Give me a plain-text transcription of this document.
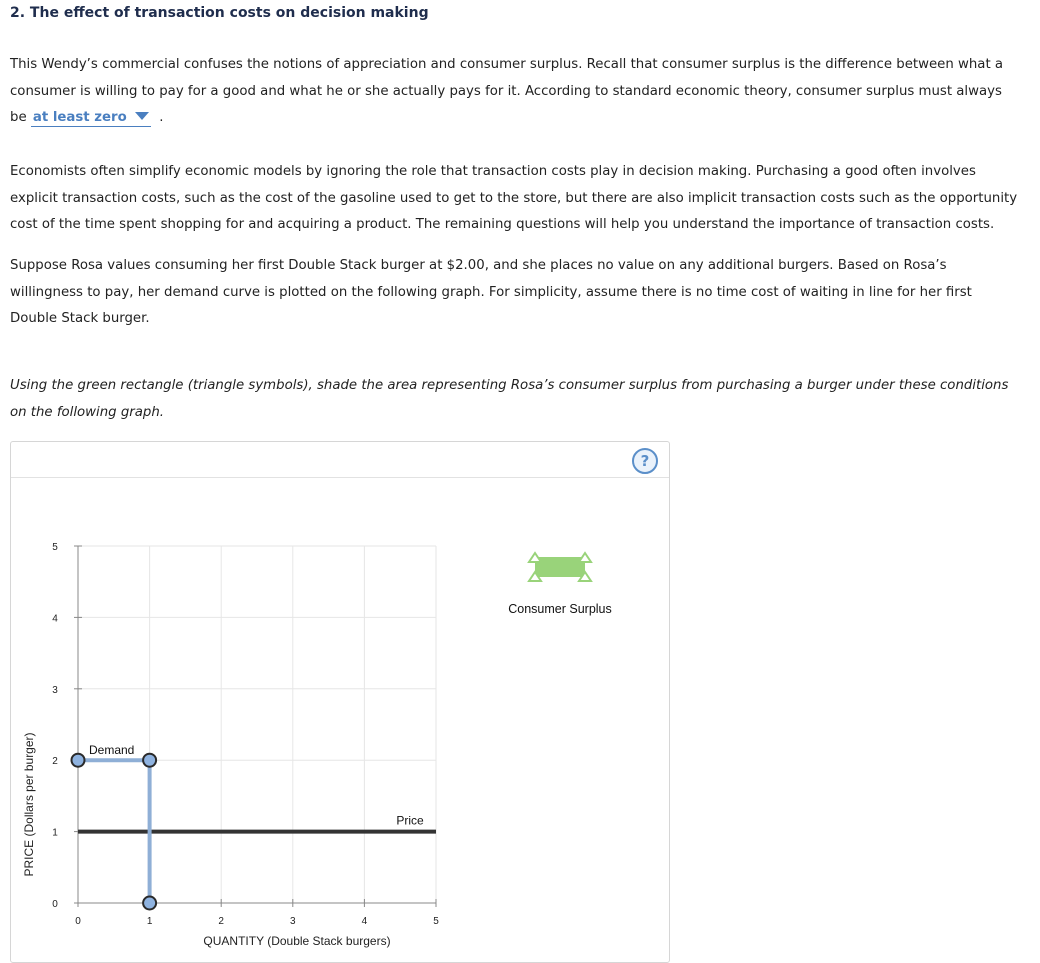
2. The effect of transaction costs on decision making
This Wendy’s commercial confuses the notions of appreciation and consumer surplus. Recall that consumer surplus is the difference between what a
consumer is willing to pay for a good and what he or she actually pays for it. According to standard economic theory, consumer surplus must always
be at least zero .
Economists often simplify economic models by ignoring the role that transaction costs play in decision making. Purchasing a good often involves
explicit transaction costs, such as the cost of the gasoline used to get to the store, but there are also implicit transaction costs such as the opportunity
cost of the time spent shopping for and acquiring a product. The remaining questions will help you understand the importance of transaction costs.
Suppose Rosa values consuming her first Double Stack burger at $2.00, and she places no value on any additional burgers. Based on Rosa’s
willingness to pay, her demand curve is plotted on the following graph. For simplicity, assume there is no time cost of waiting in line for her first
Double Stack burger.
Using the green rectangle (triangle symbols), shade the area representing Rosa’s consumer surplus from purchasing a burger under these conditions
on the following graph.
?
0
1
2
3
4
5
0	1	2	3	4	5
PRICE (Dollars per burger)
QUANTITY (Double Stack burgers)
Price
Demand
Consumer Surplus
